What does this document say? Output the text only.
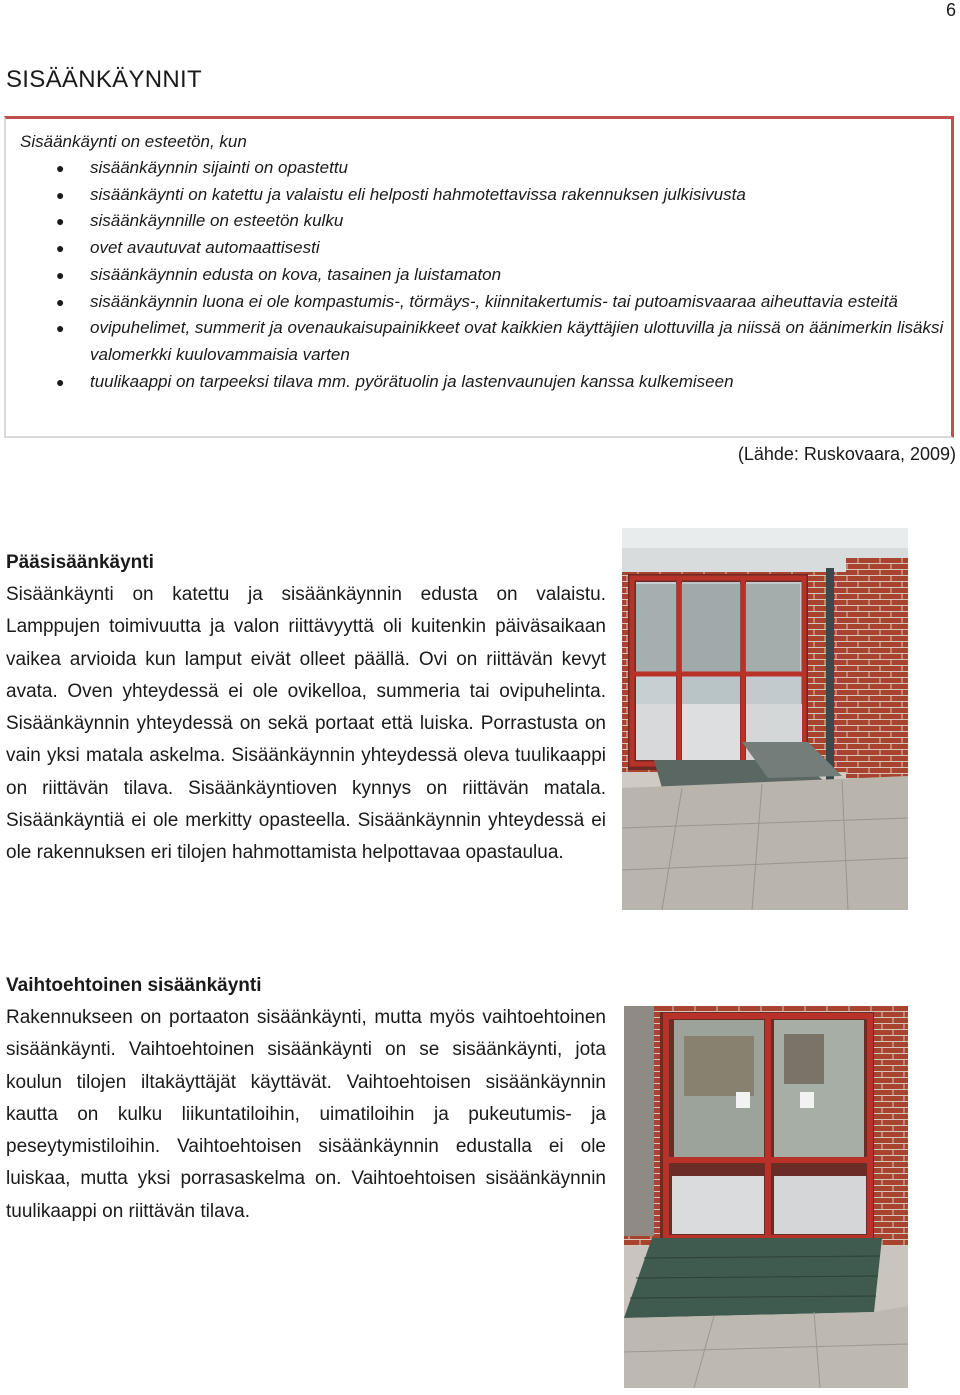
6
SISÄÄNKÄYNNIT
Sisäänkäynti on esteetön, kun
● sisäänkäynnin sijainti on opastettu
● sisäänkäynti on katettu ja valaistu eli helposti hahmotettavissa rakennuksen julkisivusta
● sisäänkäynnille on esteetön kulku
● ovet avautuvat automaattisesti
● sisäänkäynnin edusta on kova, tasainen ja luistamaton
● sisäänkäynnin luona ei ole kompastumis-, törmäys-, kiinnitakertumis- tai putoamisvaaraa aiheuttavia esteitä
● ovipuhelimet, summerit ja ovenaukaisupainikkeet ovat kaikkien käyttäjien ulottuvilla ja niissä on äänimerkin lisäksi valomerkki kuulovammaisia varten
● tuulikaappi on tarpeeksi tilava mm. pyörätuolin ja lastenvaunujen kanssa kulkemiseen
(Lähde: Ruskovaara, 2009)
Pääsisäänkäynti

Sisäänkäynti on katettu ja sisäänkäynnin edusta on valaistu. Lamppujen toimivuutta ja valon riittävyyttä oli kuitenkin päiväsaikaan vaikea arvioida kun lamput eivät olleet päällä. Ovi on riittävän kevyt avata. Oven yhteydessä ei ole ovikelloa, summeria tai ovipuhelinta. Sisäänkäynnin yhteydessä on sekä portaat että luiska. Porrastusta on vain yksi matala askelma. Sisäänkäynnin yhteydessä oleva tuulikaappi on riittävän tilava. Sisäänkäyntioven kynnys on riittävän matala. Sisäänkäyntiä ei ole merkitty opasteella. Sisäänkäynnin yhteydessä ei ole rakennuksen eri tilojen hahmottamista helpottavaa opastaulua.

Vaihtoehtoinen sisäänkäynti

Rakennukseen on portaaton sisäänkäynti, mutta myös vaihtoehtoinen sisäänkäynti. Vaihtoehtoinen sisäänkäynti on se sisäänkäynti, jota koulun tilojen iltakäyttäjät käyttävät. Vaihtoehtoisen sisäänkäynnin kautta on kulku liikuntatiloihin, uimatiloihin ja pukeutumis- ja peseytymistiloihin. Vaihtoehtoisen sisäänkäynnin edustalla ei ole luiskaa, mutta yksi porrasaskelma on. Vaihtoehtoisen sisäänkäynnin tuulikaappi on riittävän tilava.
